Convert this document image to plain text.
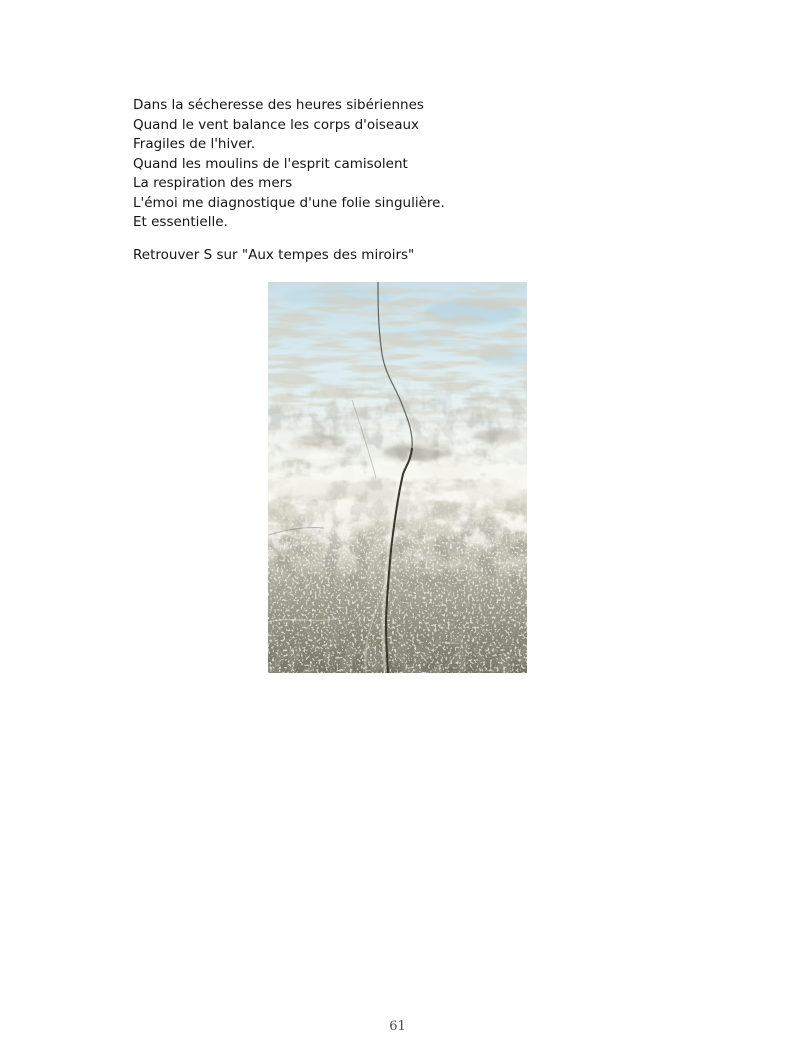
Dans la sécheresse des heures sibériennes
Quand le vent balance les corps d'oiseaux
Fragiles de l'hiver.
Quand les moulins de l'esprit camisolent
La respiration des mers
L'émoi me diagnostique d'une folie singulière.
Et essentielle.
Retrouver S sur "Aux tempes des miroirs"
61
